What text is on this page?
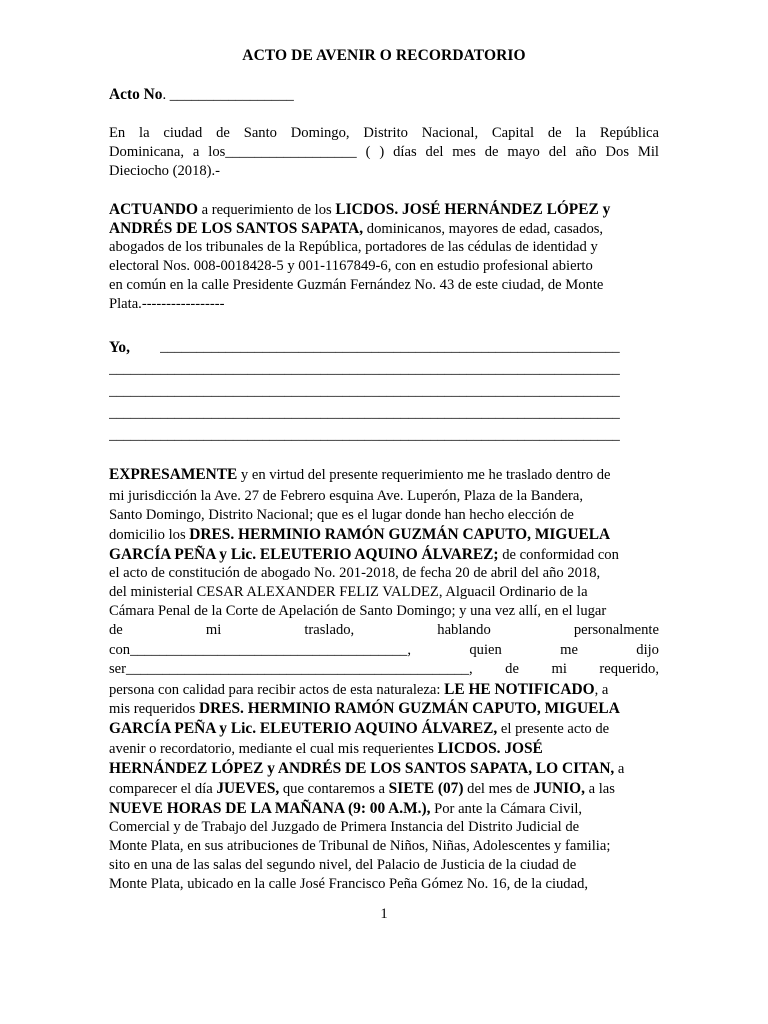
ACTO DE AVENIR O RECORDATORIO
Acto No. _________________
En la ciudad de Santo Domingo, Distrito Nacional, Capital de la República
Dominicana, a los__________________ ( ) días del mes de mayo del año Dos Mil
Dieciocho (2018).-
ACTUANDO a requerimiento de los LICDOS. JOSÉ HERNÁNDEZ LÓPEZ y
ANDRÉS DE LOS SANTOS SAPATA, dominicanos, mayores de edad, casados,
abogados de los tribunales de la República, portadores de las cédulas de identidad y
electoral Nos. 008-0018428-5 y 001-1167849-6, con en estudio profesional abierto
en común en la calle Presidente Guzmán Fernández No. 43 de este ciudad, de Monte
Plata.-----------------
Yo, _______________________________________________________________
______________________________________________________________________
______________________________________________________________________
______________________________________________________________________
______________________________________________________________________
EXPRESAMENTE y en virtud del presente requerimiento me he traslado dentro de
mi jurisdicción la Ave. 27 de Febrero esquina Ave. Luperón, Plaza de la Bandera,
Santo Domingo, Distrito Nacional; que es el lugar donde han hecho elección de
domicilio los DRES. HERMINIO RAMÓN GUZMÁN CAPUTO, MIGUELA
GARCÍA PEÑA y Lic. ELEUTERIO AQUINO ÁLVAREZ; de conformidad con
el acto de constitución de abogado No. 201-2018, de fecha 20 de abril del año 2018,
del ministerial CESAR ALEXANDER FELIZ VALDEZ, Alguacil Ordinario de la
Cámara Penal de la Corte de Apelación de Santo Domingo; y una vez allí, en el lugar
de	mi	traslado,	hablando	personalmente
con______________________________________,	quien	me	dijo
ser_______________________________________________, de mi requerido,
persona con calidad para recibir actos de esta naturaleza: LE HE NOTIFICADO, a
mis requeridos DRES. HERMINIO RAMÓN GUZMÁN CAPUTO, MIGUELA
GARCÍA PEÑA y Lic. ELEUTERIO AQUINO ÁLVAREZ, el presente acto de
avenir o recordatorio, mediante el cual mis requerientes LICDOS. JOSÉ
HERNÁNDEZ LÓPEZ y ANDRÉS DE LOS SANTOS SAPATA, LO CITAN, a
comparecer el día JUEVES, que contaremos a SIETE (07) del mes de JUNIO, a las
NUEVE HORAS DE LA MAÑANA (9: 00 A.M.), Por ante la Cámara Civil,
Comercial y de Trabajo del Juzgado de Primera Instancia del Distrito Judicial de
Monte Plata, en sus atribuciones de Tribunal de Niños, Niñas, Adolescentes y familia;
sito en una de las salas del segundo nivel, del Palacio de Justicia de la ciudad de
Monte Plata, ubicado en la calle José Francisco Peña Gómez No. 16, de la ciudad,
1
